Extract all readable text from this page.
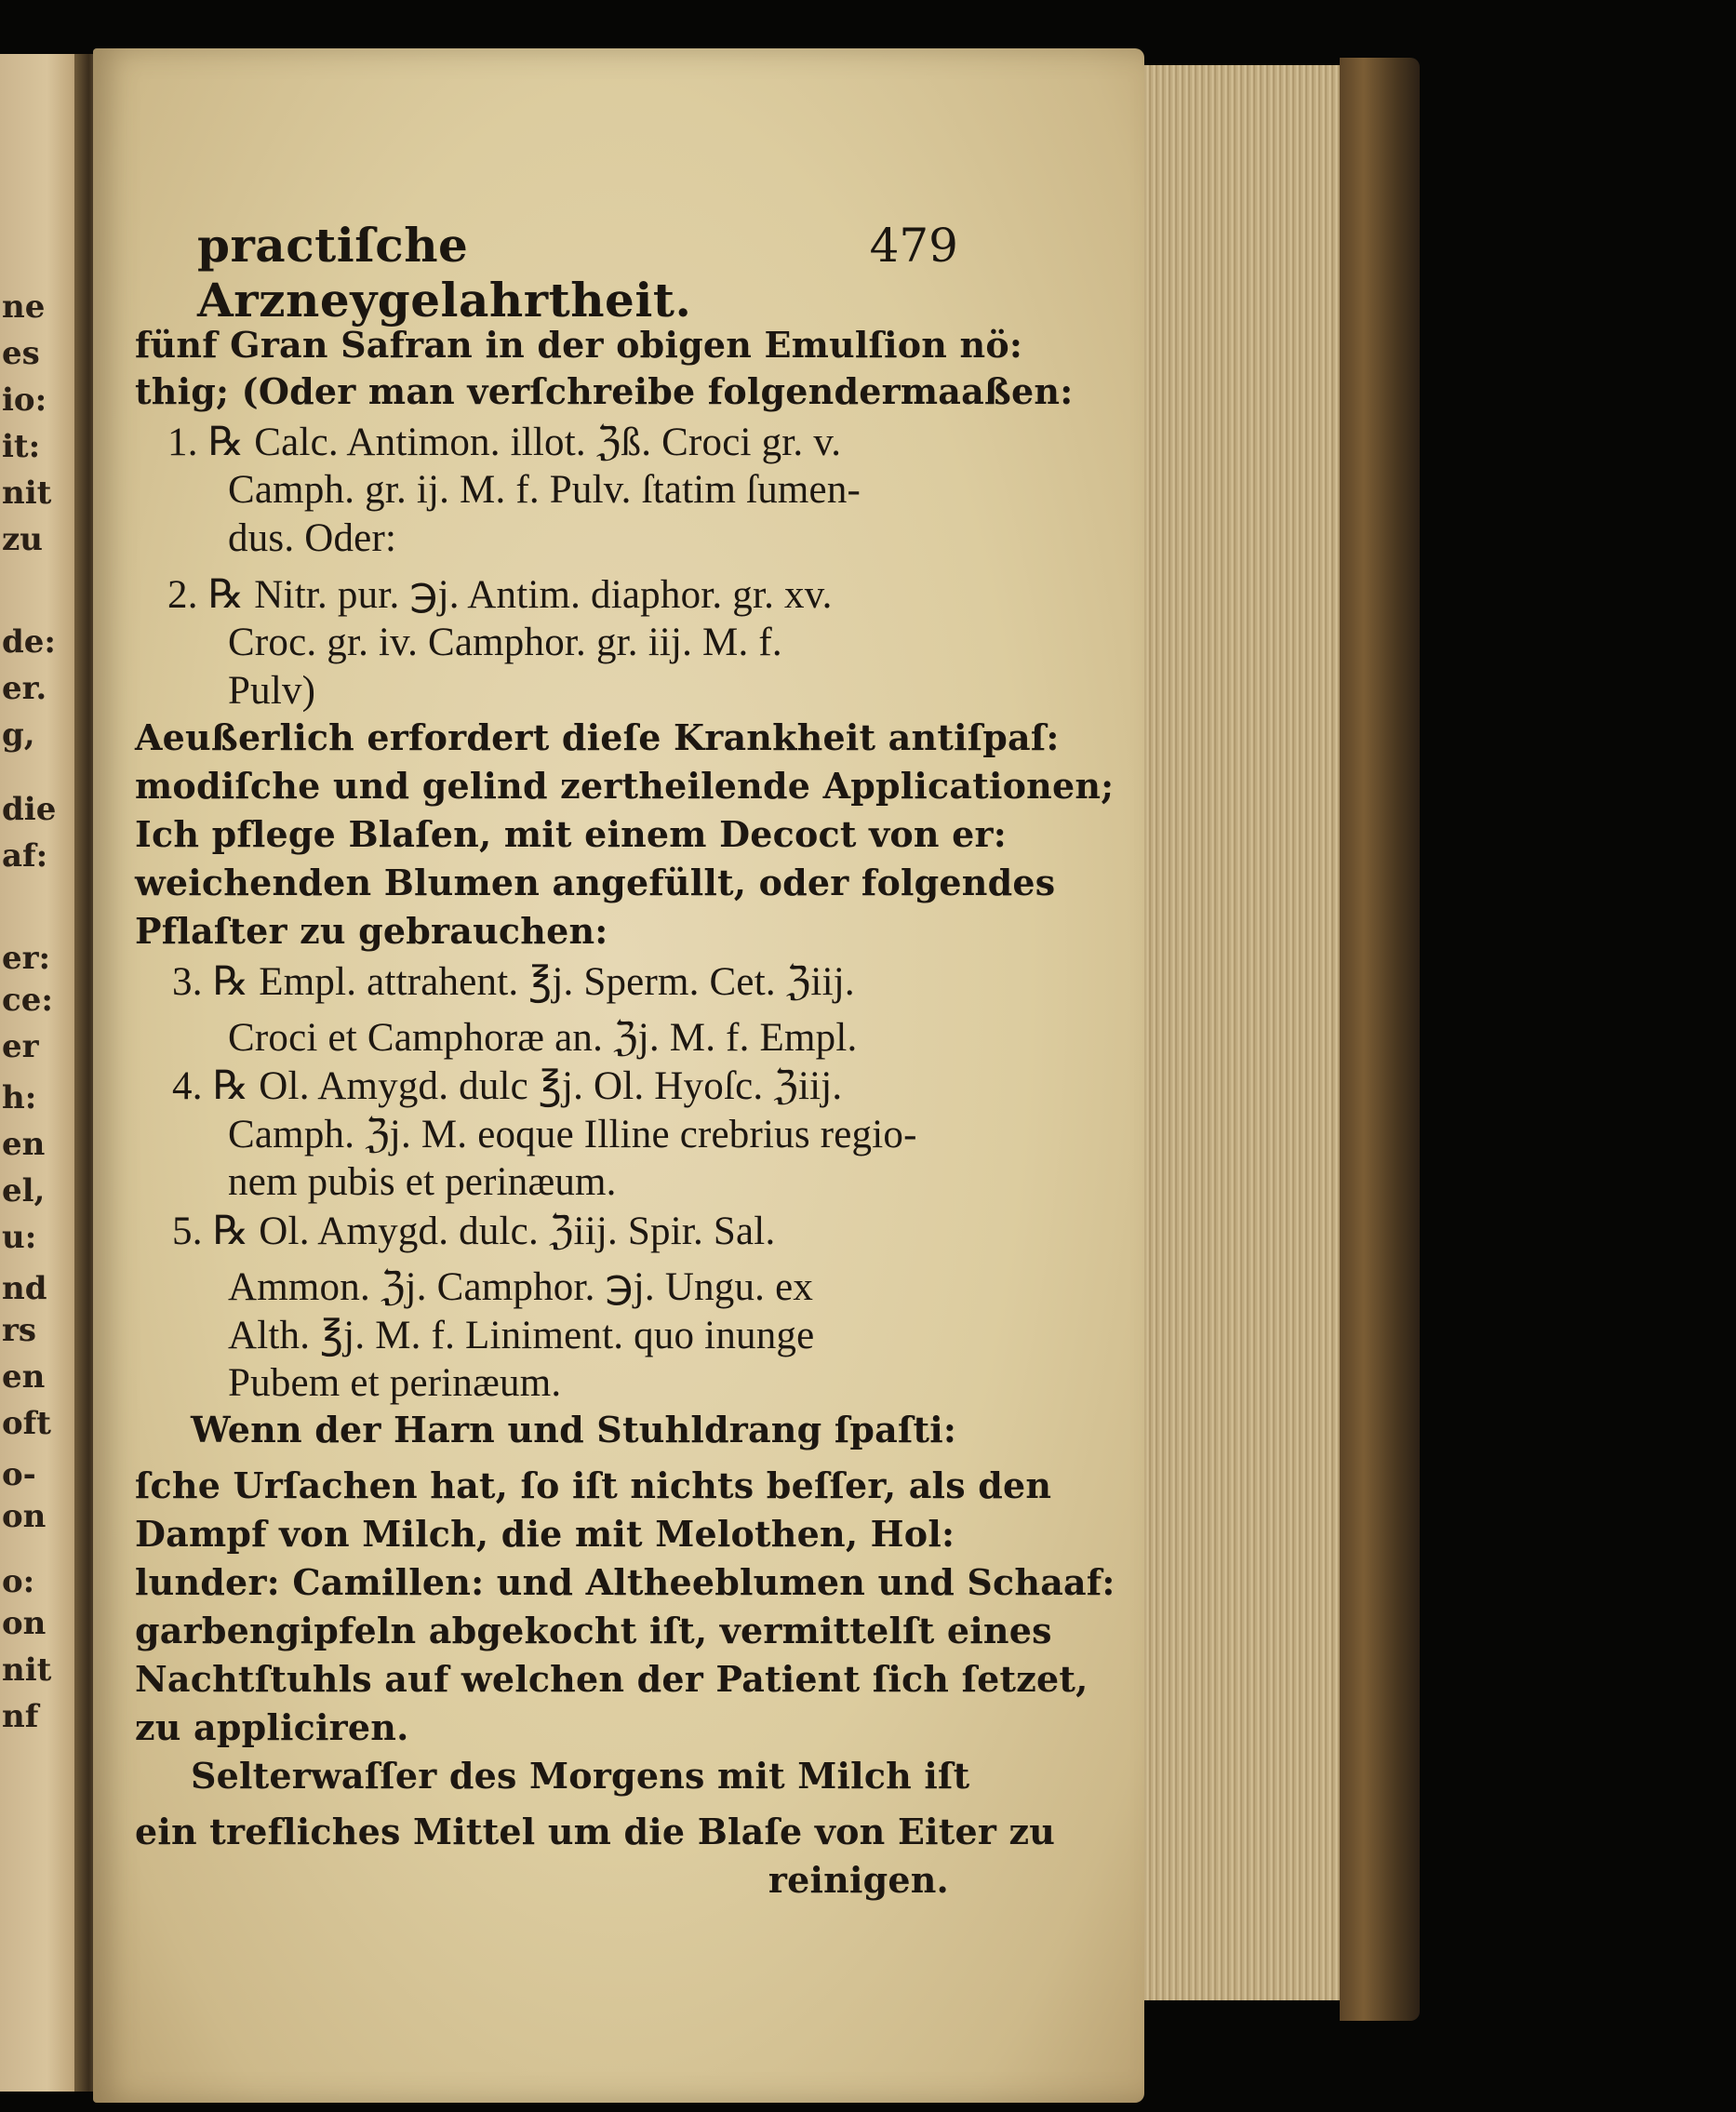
ne
es
io:
it:
nit
zu
de:
er.
g,
die
af:
er:
ce:
er
h:
en
el,
u:
nd
rs
en
oft
o-
on
o:
on
nit
nf
practiſche Arzneygelahrtheit.
479
fünf Gran Safran in der obigen Emulſion nö:
thig; (Oder man verſchreibe folgendermaaßen:
1. ℞ Calc. Antimon. illot. ℨß. Croci gr. v.
Camph. gr. ij. M. f. Pulv. ſtatim ſumen-
dus. Oder:
2. ℞ Nitr. pur. ℈j. Antim. diaphor. gr. xv.
Croc. gr. iv. Camphor. gr. iij. M. f.
Pulv)
Aeußerlich erfordert dieſe Krankheit antiſpaſ:
modiſche und gelind zertheilende Applicationen;
Ich pflege Blaſen, mit einem Decoct von er:
weichenden Blumen angefüllt, oder folgendes
Pflaſter zu gebrauchen:
3. ℞ Empl. attrahent. ℥j. Sperm. Cet. ℨiij.
Croci et Camphoræ an. ℨj. M. f. Empl.
4. ℞ Ol. Amygd. dulc ℥j. Ol. Hyoſc. ℨiij.
Camph. ℨj. M. eoque Illine crebrius regio-
nem pubis et perinæum.
5. ℞ Ol. Amygd. dulc. ℨiij. Spir. Sal.
Ammon. ℨj. Camphor. ℈j. Ungu. ex
Alth. ℥j. M. f. Liniment. quo inunge
Pubem et perinæum.
Wenn der Harn und Stuhldrang ſpaſti:
ſche Urſachen hat, ſo iſt nichts beſſer, als den
Dampf von Milch, die mit Melothen, Hol:
lunder: Camillen: und Altheeblumen und Schaaf:
garbengipfeln abgekocht iſt, vermittelſt eines
Nachtſtuhls auf welchen der Patient ſich ſetzet,
zu appliciren.
Selterwaſſer des Morgens mit Milch iſt
ein trefliches Mittel um die Blaſe von Eiter zu
reinigen.
